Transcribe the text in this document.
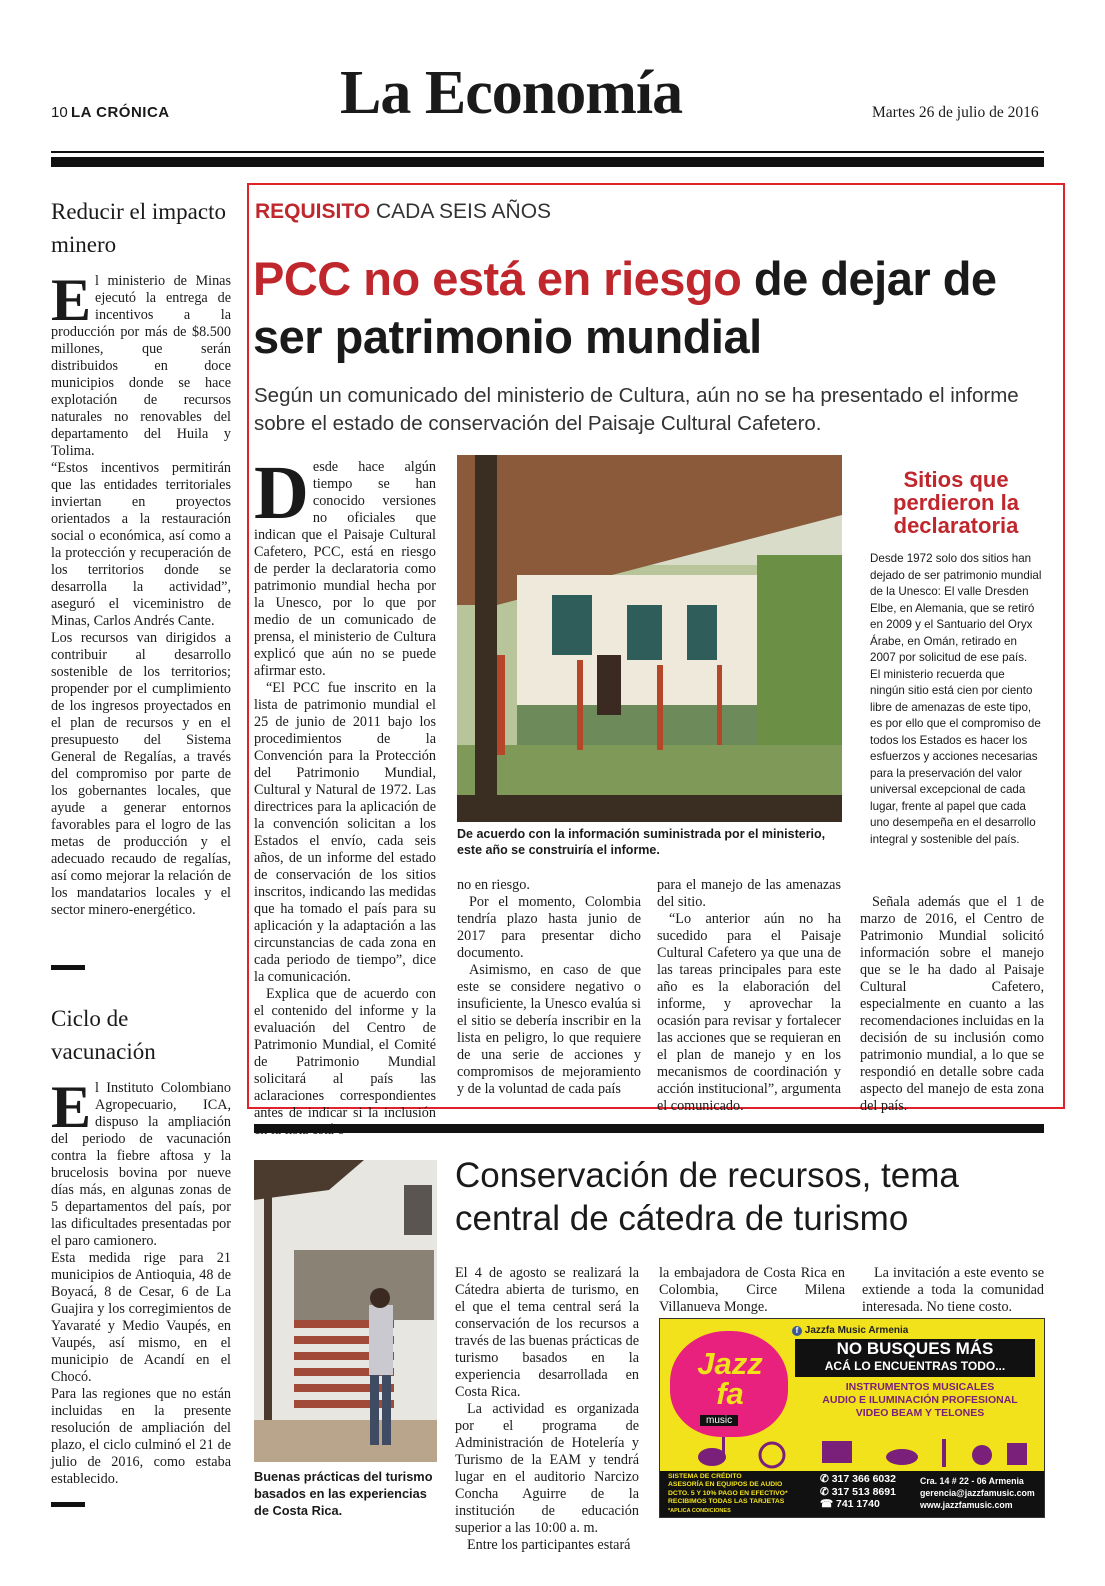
10 LA CRÓNICA	La Economía	Martes 26 de julio de 2016
Reducir el impacto minero
E l ministerio de Minas ejecutó la entrega de incentivos a la producción por más de $8.500 millones, que serán distribuidos en doce municipios donde se hace explotación de recursos naturales no renovables del departamento del Huila y Tolima.

“Estos incentivos permitirán que las entidades territoriales inviertan en proyectos orientados a la restauración social o económica, así como a la protección y recuperación de los territorios donde se desarrolla la actividad”, aseguró el viceministro de Minas, Carlos Andrés Cante.

Los recursos van dirigidos a contribuir al desarrollo sostenible de los territorios; propender por el cumplimiento de los ingresos proyectados en el plan de recursos y en el presupuesto del Sistema General de Regalías, a través del compromiso por parte de los gobernantes locales, que ayude a generar entornos favorables para el logro de las metas de producción y el adecuado recaudo de regalías, así como mejorar la relación de los mandatarios locales y el sector minero-energético.

Ciclo de vacunación
E l Instituto Colombiano Agropecuario, ICA, dispuso la ampliación del periodo de vacunación contra la fiebre aftosa y la brucelosis bovina por nueve días más, en algunas zonas de 5 departamentos del país, por las dificultades presentadas por el paro camionero.

Esta medida rige para 21 municipios de Antioquia, 48 de Boyacá, 8 de Cesar, 6 de La Guajira y los corregimientos de Yavaraté y Medio Vaupés, en Vaupés, así mismo, en el municipio de Acandí en el Chocó.

Para las regiones que no están incluidas en la presente resolución de ampliación del plazo, el ciclo culminó el 21 de julio de 2016, como estaba establecido.

REQUISITO CADA SEIS AÑOS
PCC no está en riesgo de dejar de ser patrimonio mundial
Según un comunicado del ministerio de Cultura, aún no se ha presentado el informe sobre el estado de conservación del Paisaje Cultural Cafetero.
D esde hace algún tiempo se han conocido versiones no oficiales que indican que el Paisaje Cultural Cafetero, PCC, está en riesgo de perder la declaratoria como patrimonio mundial hecha por la Unesco, por lo que por medio de un comunicado de prensa, el ministerio de Cultura explicó que aún no se puede afirmar esto.

“El PCC fue inscrito en la lista de patrimonio mundial el 25 de junio de 2011 bajo los procedimientos de la Convención para la Protección del Patrimonio Mundial, Cultural y Natural de 1972. Las directrices para la aplicación de la convención solicitan a los Estados el envío, cada seis años, de un informe del estado de conservación de los sitios inscritos, indicando las medidas que ha tomado el país para su aplicación y la adaptación a las circunstancias de cada zona en cada periodo de tiempo”, dice la comunicación.

Explica que de acuerdo con el contenido del informe y la evaluación del Centro de Patrimonio Mundial, el Comité de Patrimonio Mundial solicitará al país las aclaraciones correspondientes antes de indicar si la inclusión

De acuerdo con la información suministrada por el ministerio, este año se construiría el informe.
Sitios que perdieron la declaratoria

Desde 1972 solo dos sitios han dejado de ser patrimonio mundial de la Unesco: El valle Dresden Elbe, en Alemania, que se retiró en 2009 y el Santuario del Oryx Árabe, en Omán, retirado en 2007 por solicitud de ese país.

El ministerio recuerda que ningún sitio está cien por ciento libre de amenazas de este tipo, es por ello que el compromiso de todos los Estados es hacer los esfuerzos y acciones necesarias para la preservación del valor universal excepcional de cada lugar, frente al papel que cada uno desempeña en el desarrollo integral y sostenible del país.

no en riesgo.

Por el momento, Colombia tendría plazo hasta junio de 2017 para presentar dicho documento.

Asimismo, en caso de que este se considere negativo o insuficiente, la Unesco evalúa si el sitio se debería inscribir en la lista en peligro, lo que requiere de una serie de acciones y compromisos de mejoramiento y de la voluntad de cada país

para el manejo de las amenazas del sitio.

“Lo anterior aún no ha sucedido para el Paisaje Cultural Cafetero ya que una de las tareas principales para este año es la elaboración del informe, y aprovechar la ocasión para revisar y fortalecer las acciones que se requieran en el plan de manejo y en los mecanismos de coordinación y acción institucional”, argumenta el comunicado.

Señala además que el 1 de marzo de 2016, el Centro de Patrimonio Mundial solicitó información sobre el manejo que se le ha dado al Paisaje Cultural Cafetero, especialmente en cuanto a las recomendaciones incluidas en la decisión de su inclusión como patrimonio mundial, a lo que se respondió en detalle sobre cada aspecto del manejo de esta zona del país.

Buenas prácticas del turismo basados en las experiencias de Costa Rica.
Conservación de recursos, tema central de cátedra de turismo

El 4 de agosto se realizará la Cátedra abierta de turismo, en el que el tema central será la conservación de los recursos a través de las buenas prácticas de turismo basados en la experiencia desarrollada en Costa Rica.

La actividad es organizada por el programa de Administración de Hotelería y Turismo de la EAM y tendrá lugar en el auditorio Narcizo Concha Aguirre de la institución de educación superior a las 10:00 a. m.

Entre los participantes estará

la embajadora de Costa Rica en Colombia, Circe Milena Villanueva Monge.

La invitación a este evento se extiende a toda la comunidad interesada. No tiene costo.

f Jazzfa Music Armenia
Jazz
fa
music
NO BUSQUES MÁS
ACÁ LO ENCUENTRAS TODO...
INSTRUMENTOS MUSICALES
AUDIO E ILUMINACIÓN PROFESIONAL
VIDEO BEAM Y TELONES
SISTEMA DE CRÉDITO
ASESORÍA EN EQUIPOS DE AUDIO
DCTO. 5 Y 10% PAGO EN EFECTIVO*
RECIBIMOS TODAS LAS TARJETAS
*APLICA CONDICIONES
✆ 317 366 6032
✆ 317 513 8691
☎ 741 1740
Cra. 14 # 22 - 06 Armenia
gerencia@jazzfamusic.com
www.jazzfamusic.com
